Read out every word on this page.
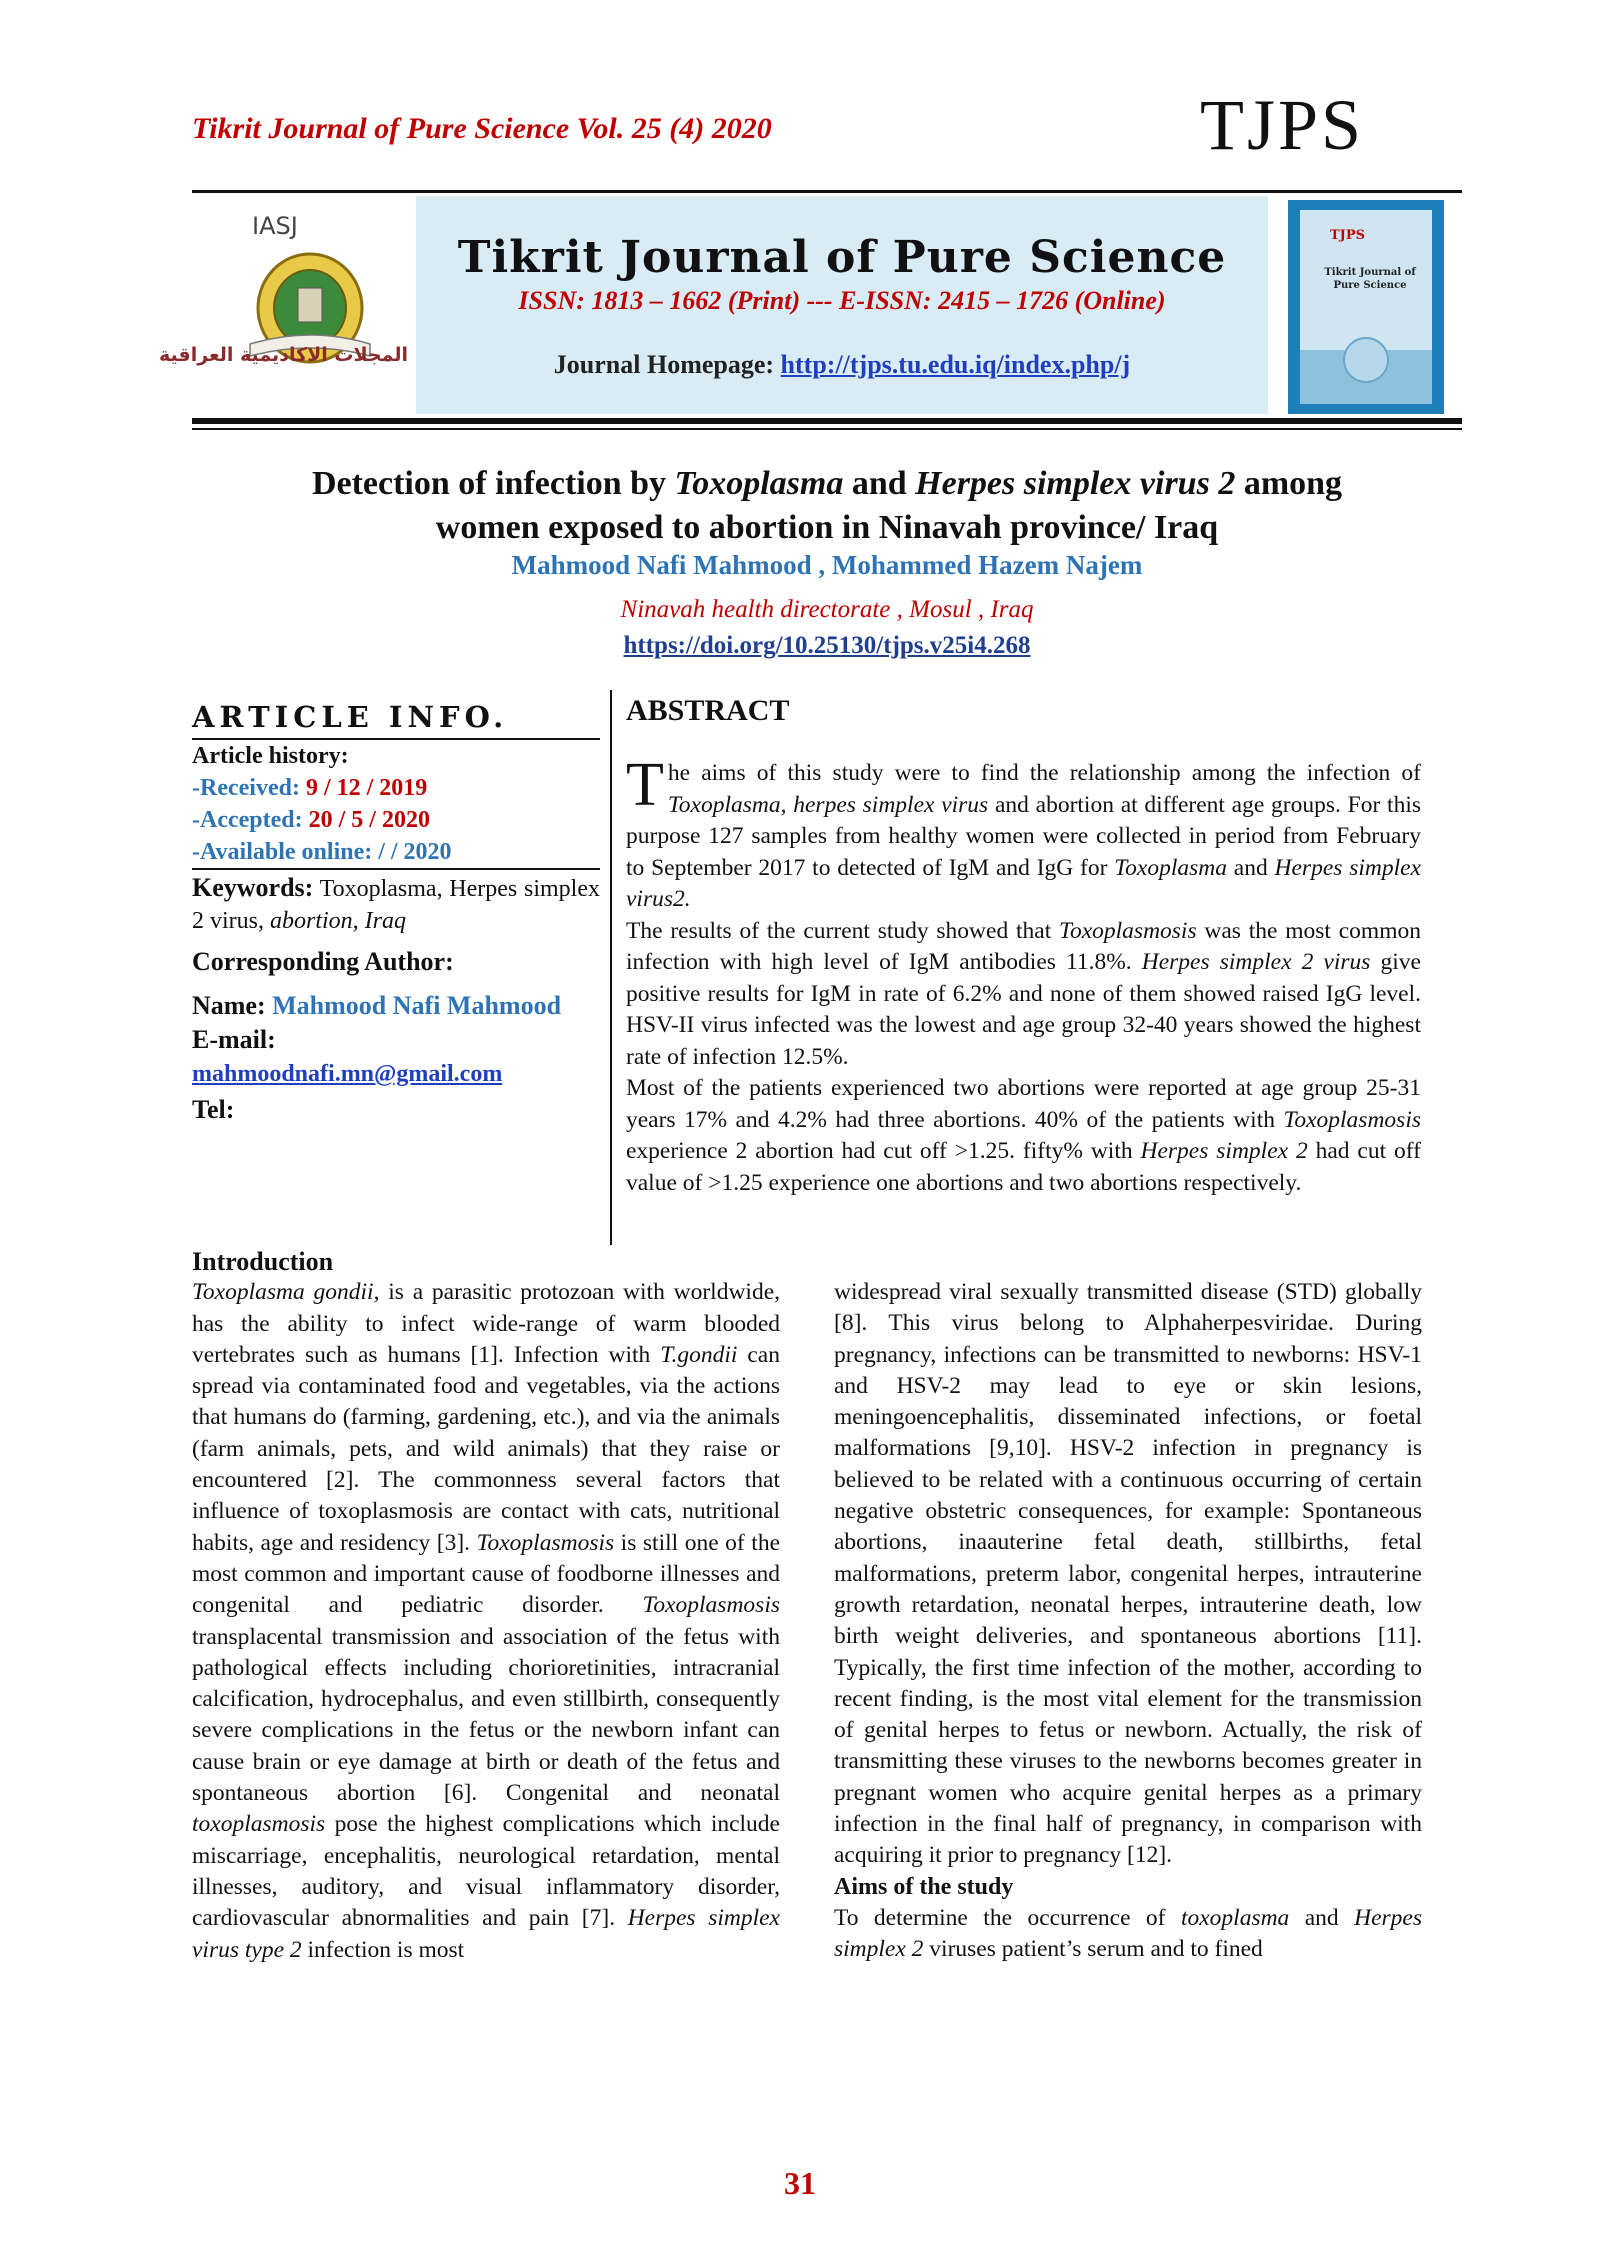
Tikrit Journal of Pure Science Vol. 25 (4) 2020	TJPS
IASJ
المجلات الاكاديمية العراقية
Tikrit Journal of Pure Science
ISSN: 1813 – 1662 (Print) --- E-ISSN: 2415 – 1726 (Online)
Journal Homepage: http://tjps.tu.edu.iq/index.php/j
TJPS
Tikrit Journal of Pure Science
Detection of infection by Toxoplasma and Herpes simplex virus 2 among
women exposed to abortion in Ninavah province/ Iraq
Mahmood Nafi Mahmood , Mohammed Hazem Najem
Ninavah health directorate , Mosul , Iraq
https://doi.org/10.25130/tjps.v25i4.268
ARTICLE INFO.
Article history:
-Received: 9 / 12 / 2019
-Accepted: 20 / 5 / 2020
-Available online: / / 2020
Keywords: Toxoplasma, Herpes simplex 2 virus, abortion, Iraq
Corresponding Author:
Name: Mahmood Nafi Mahmood
E-mail:
mahmoodnafi.mn@gmail.com
Tel:
ABSTRACT

The aims of this study were to find the relationship among the infection of Toxoplasma, herpes simplex virus and abortion at different age groups. For this purpose 127 samples from healthy women were collected in period from February to September 2017 to detected of IgM and IgG for Toxoplasma and Herpes simplex virus2.

The results of the current study showed that Toxoplasmosis was the most common infection with high level of IgM antibodies 11.8%. Herpes simplex 2 virus give positive results for IgM in rate of 6.2% and none of them showed raised IgG level. HSV-II virus infected was the lowest and age group 32-40 years showed the highest rate of infection 12.5%.

Most of the patients experienced two abortions were reported at age group 25-31 years 17% and 4.2% had three abortions. 40% of the patients with Toxoplasmosis experience 2 abortion had cut off >1.25. fifty% with Herpes simplex 2 had cut off value of >1.25 experience one abortions and two abortions respectively.

Introduction

Toxoplasma gondii, is a parasitic protozoan with worldwide, has the ability to infect wide-range of warm blooded vertebrates such as humans [1]. Infection with T.gondii can spread via contaminated food and vegetables, via the actions that humans do (farming, gardening, etc.), and via the animals (farm animals, pets, and wild animals) that they raise or encountered [2]. The commonness several factors that influence of toxoplasmosis are contact with cats, nutritional habits, age and residency [3]. Toxoplasmosis is still one of the most common and important cause of foodborne illnesses and congenital and pediatric disorder. Toxoplasmosis transplacental transmission and association of the fetus with pathological effects including chorioretinities, intracranial calcification, hydrocephalus, and even stillbirth, consequently severe complications in the fetus or the newborn infant can cause brain or eye damage at birth or death of the fetus and spontaneous abortion [6]. Congenital and neonatal toxoplasmosis pose the highest complications which include miscarriage, encephalitis, neurological retardation, mental illnesses, auditory, and visual inflammatory disorder, cardiovascular abnormalities and pain [7]. Herpes simplex virus type 2 infection is most

widespread viral sexually transmitted disease (STD) globally [8]. This virus belong to Alphaherpesviridae. During pregnancy, infections can be transmitted to newborns: HSV-1 and HSV-2 may lead to eye or skin lesions, meningoencephalitis, disseminated infections, or foetal malformations [9,10]. HSV-2 infection in pregnancy is believed to be related with a continuous occurring of certain negative obstetric consequences, for example: Spontaneous abortions, inaauterine fetal death, stillbirths, fetal malformations, preterm labor, congenital herpes, intrauterine growth retardation, neonatal herpes, intrauterine death, low birth weight deliveries, and spontaneous abortions [11]. Typically, the first time infection of the mother, according to recent finding, is the most vital element for the transmission of genital herpes to fetus or newborn. Actually, the risk of transmitting these viruses to the newborns becomes greater in pregnant women who acquire genital herpes as a primary infection in the final half of pregnancy, in comparison with acquiring it prior to pregnancy [12].

Aims of the study

To determine the occurrence of toxoplasma and Herpes simplex 2 viruses patient’s serum and to fined

31
